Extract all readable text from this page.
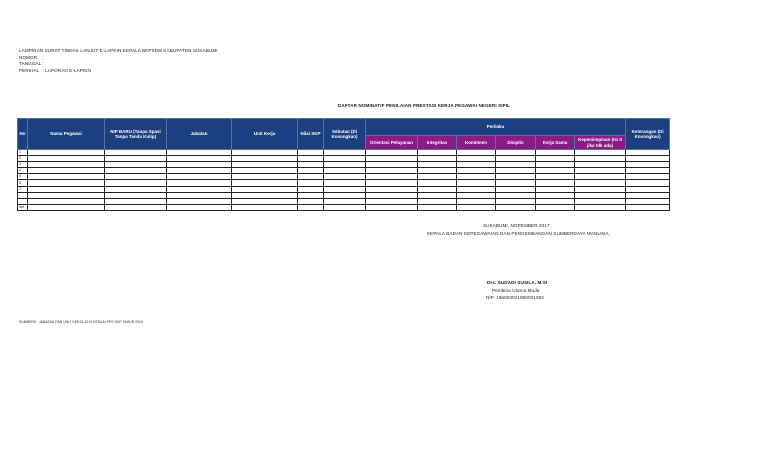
LAMPIRAN SURAT TINDAK LANJUT E-LAPKIN KEPALA BKPSDM KABUPATEN SUKABUMI
NOMOR :
TANGGAL :
PERIHAL : LAPORAN E-LAPKIN
DAFTAR NOMINATIF PENILAIAN PRESTASI KERJA PEGAWAI NEGERI SIPIL
No	Nama Pegawai	NIP BARU (Tanpa Spasi Tanpa Tanda Kutip)	Jabatan	Unit Kerja	Nilai SKP	Sebutan (Di Kosongkan)	Perilaku						Keterangan (Di Kosongkan)
							Orientasi Pelayanan	Integritas	Komitmen	Disiplin	Kerja Sama	Kepemimpinan (Isi 0 jika tdk ada)	
1													
2													
3													
4													
5													
6													
7													

dst													
SUKABUMI, NOPEMBER 2017
KEPALA BADAN KEPEGAWAIAN DAN PENGEMBANGAN SUMBERDAYA MANUSIA,
Drs. SUDADI SUSILA, M.SI
Pembina Utama Muda
NIP. 196003021990031002
SUMBERS : JABATAN DAN UNIT KERJA 2019 SESUAI PPK SKP TAHUN 2016
